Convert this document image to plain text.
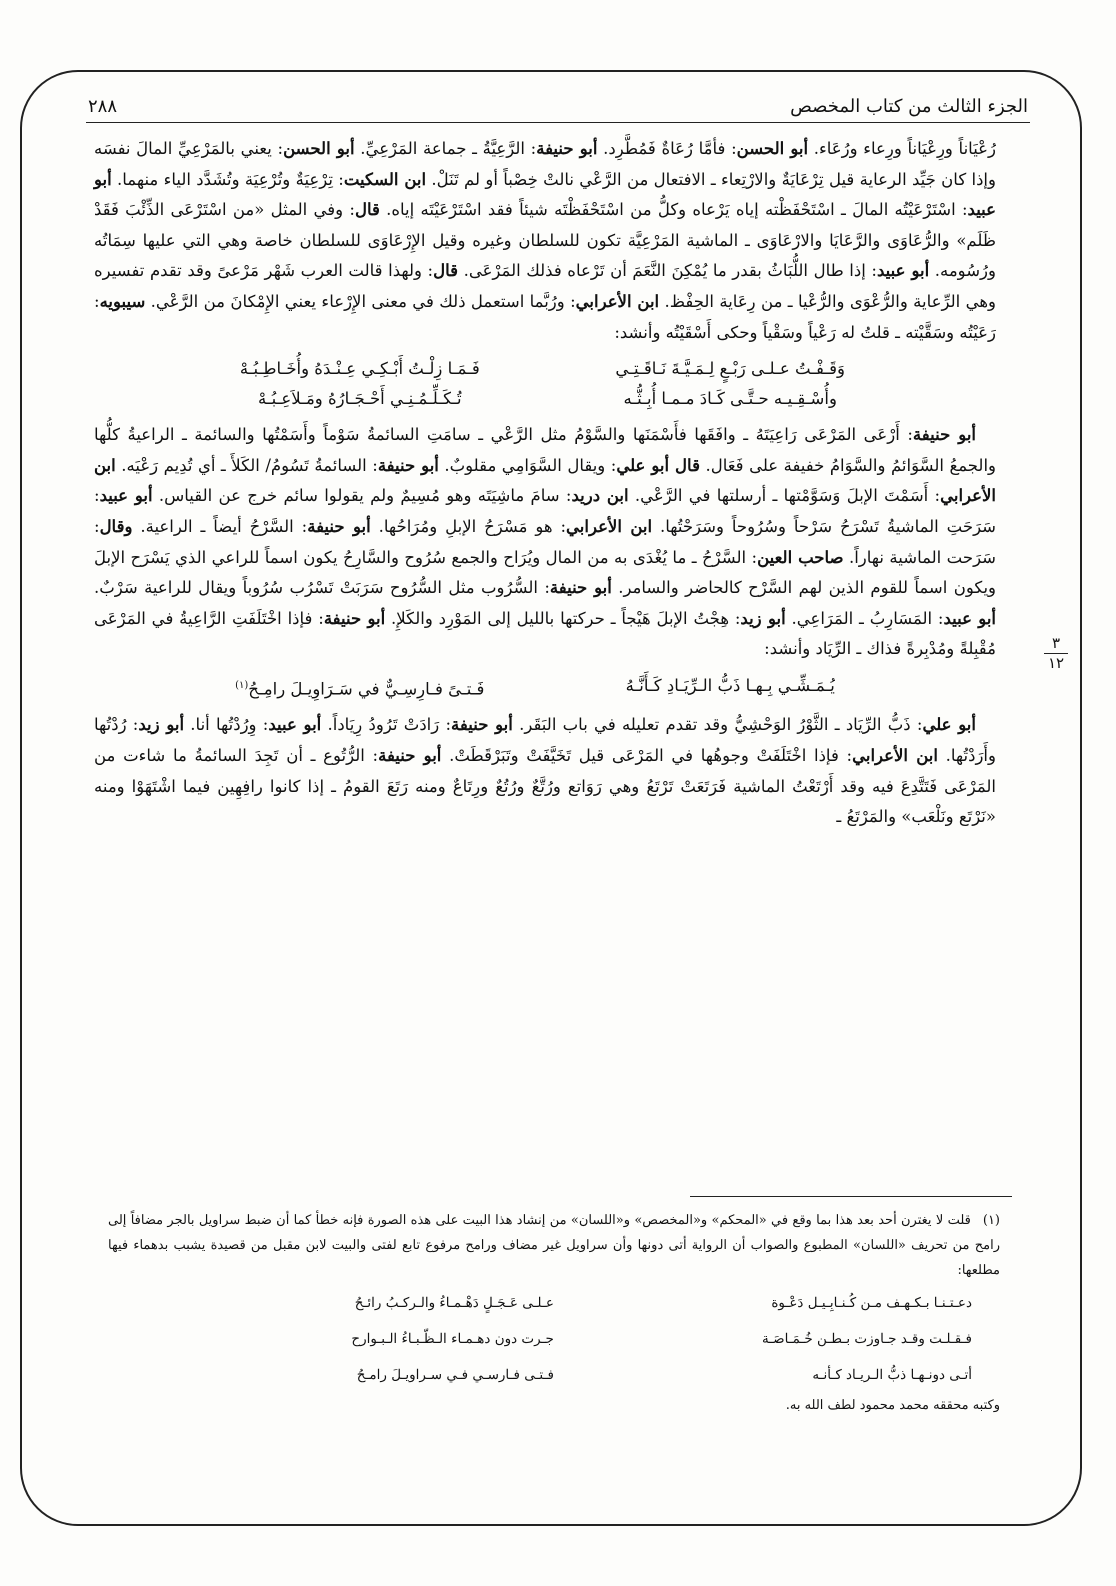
الجزء الثالث من كتاب المخصص
٢٨٨
٣
١٢

رُعْيَاناً ورِعْيَاناً ورِعاء ورُعَاء. أبو الحسن: فأمَّا رُعَاةٌ فَمُطَّرِد. أبو حنيفة: الرَّعِيَّةُ ـ جماعة المَرْعِيِّ. أبو الحسن: يعني بالمَرْعِيِّ المالَ نفسَه وإذا كان جَيِّد الرعاية قيل تِرْعَايَةٌ والارْتِعاء ـ الافتعال من الرَّعْي نالتْ خِصْباً أو لم تَنَلْ. ابن السكيت: تِرْعِيَةٌ وتُرْعِيَة وتُشَدَّد الياء منهما. أبو عبيد: اسْتَرْعَيْتُه المالَ ـ اسْتَحْفَظْته إياه يَرْعاه وكلُّ من اسْتَحْفَظْتَه شيئاً فقد اسْتَرْعَيْتَه إياه. قال: وفي المثل «من اسْتَرْعَى الذِّئْبَ فَقَدْ ظَلَم» والرُّعَاوَى والرَّعَايَا والارْعَاوَى ـ الماشية المَرْعِيَّة تكون للسلطان وغيره وقيل الإِرْعَاوَى للسلطان خاصة وهي التي عليها سِمَاتُه ورُسُومه. أبو عبيد: إذا طال اللُّبَاثُ بقدر ما يُمْكِنَ النَّعَمَ أن تَرْعاه فذلك المَرْعَى. قال: ولهذا قالت العرب شَهْر مَرْعىً وقد تقدم تفسيره وهي الرِّعاية والرُّعْوَى والرُّعْيا ـ من رِعَاية الحِفْظ. ابن الأعرابي: ورُبَّما استعمل ذلك في معنى الإِرْعاء يعني الإِمْكانَ من الرَّعْي. سيبويه: رَعَيْتُه وسَقَّيْته ـ قلتُ له رَعْياً وسَقْياً وحكى أَسْقَيْتُه وأنشد:

وَقَـفْـتُ عـلـى رَبْـعٍ لِـمَـيَّـةَ نَـاقَـتِـي
فَـمَـا زِلْـتُ أَبْـكِـي عِـنْـدَهُ وأُخَـاطِـبُـهْ
وأُسْـقِـيـه حـتَّـى كَـادَ مـمـا أُبِـثُّـه
تُـكَـلِّـمُـنِـي أَحْـجَـارُهُ ومَـلاَعِـبُـهْ

أبو حنيفة: أَرْعَى المَرْعَى رَاعِيَتَهُ ـ وافَقَها فأَسْمَنَها والسَّوْمُ مثل الرَّعْي ـ سامَتِ السائمةُ سَوْماً وأَسَمْتُها والسائمة ـ الراعيةُ كلُّها والجمعُ السَّوَائمُ والسَّوَامُ خفيفة على فَعَال. قال أبو علي: ويقال السَّوَامِي مقلوبٌ. أبو حنيفة: السائمةُ تَسُومُ/ الكَلأَ ـ أي تُدِيم رَعْيَه. ابن الأعرابي: أَسَمْتَ الإبلَ وَسَوَّمْتها ـ أرسلتها في الرَّعْي. ابن دريد: سامَ ماشِيَتَه وهو مُسِيمٌ ولم يقولوا سائم خرج عن القياس. أبو عبيد: سَرَحَتِ الماشيةُ تَسْرَحُ سَرْحاً وسُرُوحاً وسَرَحْتُها. ابن الأعرابي: هو مَسْرَحُ الإبلِ ومُرَاحُها. أبو حنيفة: السَّرْحُ أيضاً ـ الراعية. وقال: سَرَحت الماشية نهاراً. صاحب العين: السَّرْحُ ـ ما يُغْدَى به من المال ويُرَاح والجمع سُرُوح والسَّارِحُ يكون اسماً للراعي الذي يَسْرَح الإبلَ ويكون اسماً للقوم الذين لهم السَّرْح كالحاضر والسامر. أبو حنيفة: السُّرُوب مثل السُّرُوح سَرَبَتْ تَسْرُب سُرُوباً ويقال للراعية سَرْبٌ. أبو عبيد: المَسَارِبُ ـ المَرَاعِي. أبو زيد: هِجْتُ الإبلَ هَيْجاً ـ حركتها بالليل إلى المَوْرِد والكَلإِ. أبو حنيفة: فإذا اخْتَلَفَتِ الرَّاعِيةُ في المَرْعَى مُقْبِلةً ومُدْبِرةً فذاك ـ الرِّيَاد وأنشد:

يُـمَـشِّـي بِـهـا ذَبُّ الـرِّيَـادِ كَـأَنَّـهُ
فَـتـىً فـارِسِـيٌّ في سَـرَاوِيـلَ رامِـحُ$^{(١)}$

أبو علي: ذَبُّ الرِّيَاد ـ الثَّوْرُ الوَحْشِيُّ وقد تقدم تعليله في باب البَقَر. أبو حنيفة: رَادَتْ تَرُودُ رِيَاداً. أبو عبيد: وِرُدْتُها أنا. أبو زيد: رُدْتُها وأَرَدْتُها. ابن الأعرابي: فإذا اخْتَلَفَتْ وجوهُها في المَرْعَى قيل تَخَيَّفَتْ وتَبَرْقَطَتْ. أبو حنيفة: الرُّتُوع ـ أن تَجِدَ السائمةُ ما شاءت من المَرْعَى فَتَتَّدِعَ فيه وقد أَرْتَعْتُ الماشية فَرَتَعَتْ تَرْتَعُ وهي رَوَاتع ورُتَّعٌ ورُتُعٌ ورِتَاعٌ ومنه رَتَعَ القومُ ـ إذا كانوا رافِهِين فيما اشْتَهَوْا ومنه «نَرْتَع ونَلْعَب» والمَرْتَعُ ـ

(١)قلت لا يغترن أحد بعد هذا بما وقع في «المحكم» و«المخصص» و«اللسان» من إنشاد هذا البيت على هذه الصورة فإنه خطأ كما أن ضبط سراويل بالجر مضافاً إلى رامح من تحريف «اللسان» المطبوع والصواب أن الرواية أتى دونها وأن سراويل غير مضاف ورامح مرفوع تابع لفتى والبيت لابن مقبل من قصيدة يشبب بدهماء فيها مطلعها:

دعـتـنـا بـكـهـف مـن كُـنـابِـيـل دَعْـوة
عـلـى عَـجَـلٍ دَهْـمـاءُ والـركـبُ رائـحُ
فـقـلـت وقـد جـاوزت بـطـن خُـمَـاصَـة
جـرت دون دهـمـاء الـظّـبـاءُ الـبـوارح
أتـى دونـهـا ذبُّ الـريـاد كـأنـه
فـتـى فـارسـي فـي سـراويـلَ رامـحُ

وكتبه محققه محمد محمود لطف الله به.
